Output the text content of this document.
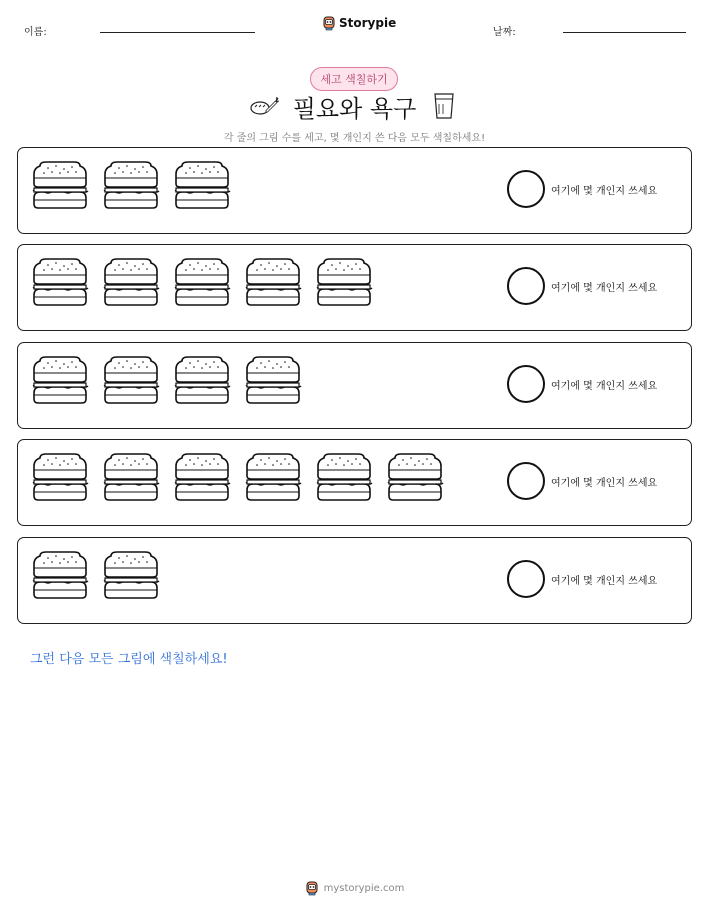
이름:
Storypie
날짜:
세고 색칠하기
필요와 욕구
각 줄의 그림 수를 세고, 몇 개인지 쓴 다음 모두 색칠하세요!
여기에 몇 개인지 쓰세요
여기에 몇 개인지 쓰세요
여기에 몇 개인지 쓰세요
여기에 몇 개인지 쓰세요
여기에 몇 개인지 쓰세요
그런 다음 모든 그림에 색칠하세요!
mystorypie.com
